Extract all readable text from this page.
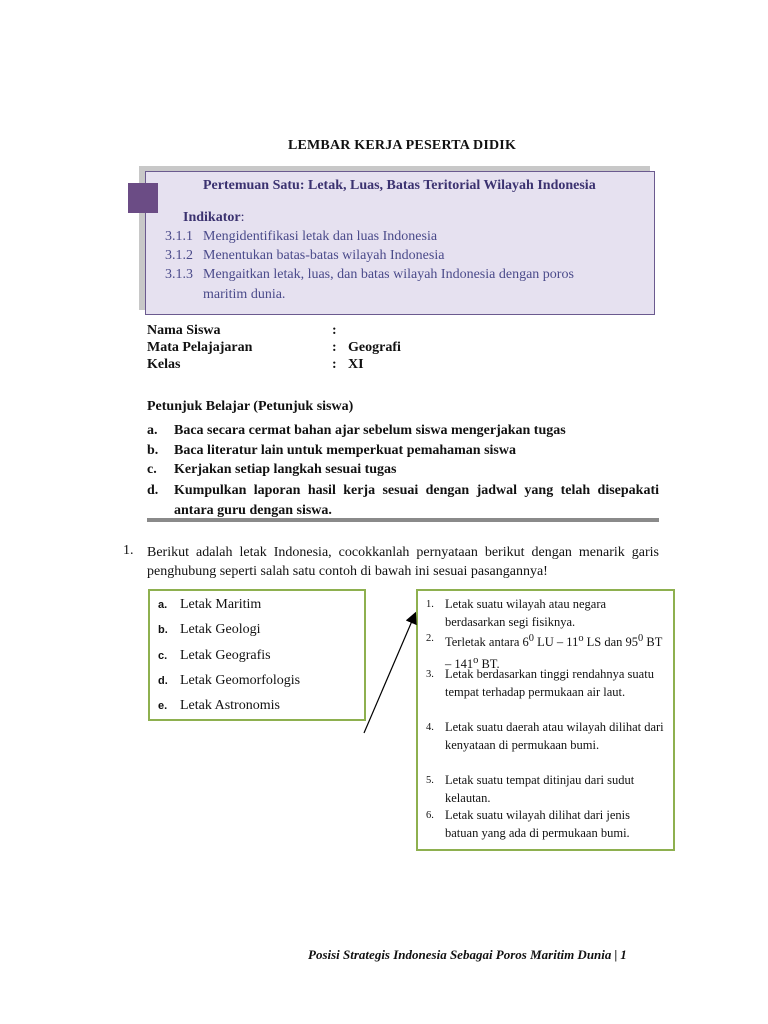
LEMBAR KERJA PESERTA DIDIK
Pertemuan Satu: Letak, Luas, Batas Teritorial Wilayah Indonesia
Indikator:
3.1.1 Mengidentifikasi letak dan luas Indonesia
3.1.2 Menentukan batas-batas wilayah Indonesia
3.1.3 Mengaitkan letak, luas, dan batas wilayah Indonesia dengan poros
maritim dunia.
Nama Siswa	:
Mata Pelajajaran	: Geografi
Kelas	: XI
Petunjuk Belajar (Petunjuk siswa)
a. Baca secara cermat bahan ajar sebelum siswa mengerjakan tugas
b. Baca literatur lain untuk memperkuat pemahaman siswa
c. Kerjakan setiap langkah sesuai tugas
d. Kumpulkan laporan hasil kerja sesuai dengan jadwal yang telah disepakati antara guru dengan siswa.
1. Berikut adalah letak Indonesia, cocokkanlah pernyataan berikut dengan menarik garis penghubung seperti salah satu contoh di bawah ini sesuai pasangannya!
a. Letak Maritim
b. Letak Geologi
c. Letak Geografis
d. Letak Geomorfologis
e. Letak Astronomis
1. Letak suatu wilayah atau negara berdasarkan segi fisiknya.
2. Terletak antara $6^0$ LU – 11$^o$ LS dan $95^0$ BT – 141$^o$ BT.
3. Letak berdasarkan tinggi rendahnya suatu tempat terhadap permukaan air laut.
4. Letak suatu daerah atau wilayah dilihat dari kenyataan di permukaan bumi.
5. Letak suatu tempat ditinjau dari sudut kelautan.
6. Letak suatu wilayah dilihat dari jenis batuan yang ada di permukaan bumi.
Posisi Strategis Indonesia Sebagai Poros Maritim Dunia | 1
